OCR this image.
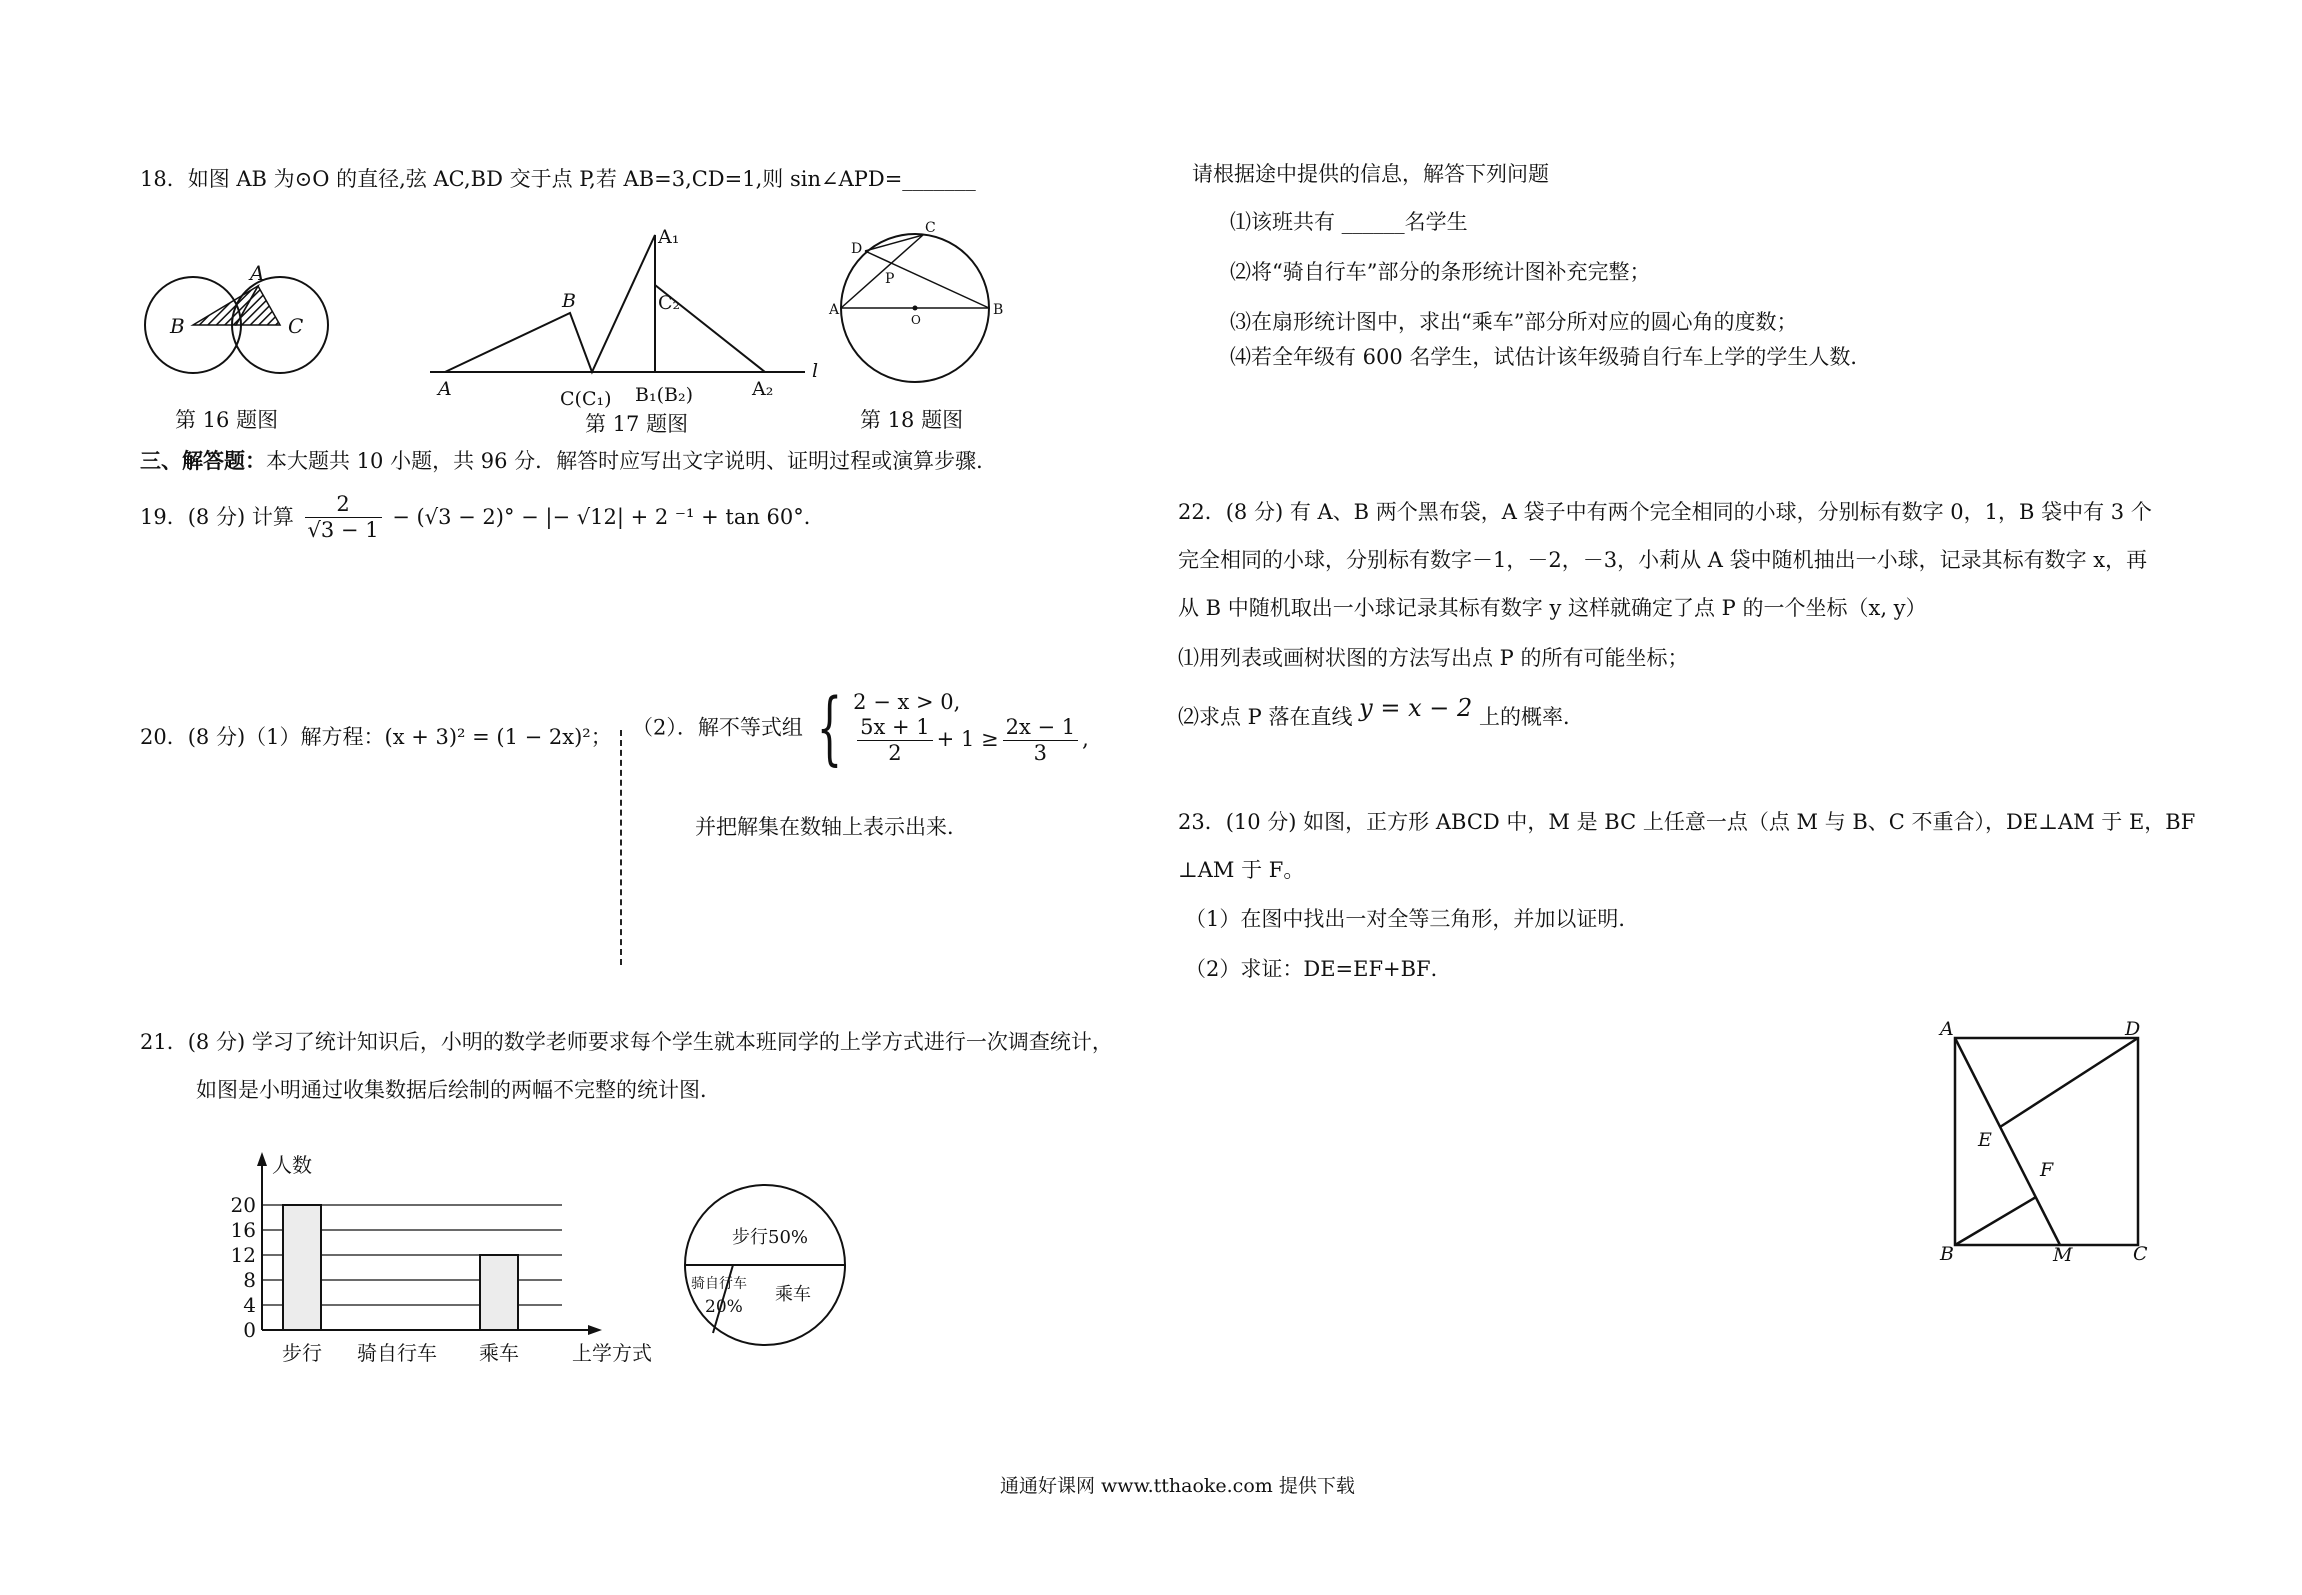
18．如图 AB 为⊙O 的直径,弦 AC,BD 交于点 P,若 AB=3,CD=1,则 sin∠APD=_______
A
B	C
第 16 题图
A
B
C(C₁)
A₁
C₂
B₁(B₂)	A₂
l
第 17 题图
D
C
P
A	B
O
第 18 题图
三、解答题：本大题共 10 小题，共 96 分．解答时应写出文字说明、证明过程或演算步骤．
19．(8 分) 计算 $\frac{2}{√3 - 1} - (√3 - 2)^\circ$ − |− √12| + 2 ⁻¹ + tan 60°．
20．(8 分)（1）解方程：(x + 3)² = (1 − 2x)²； （2）．解不等式组 { 2 − x > 0,
$\frac{5x + 1}{2} + 1 \ge \frac{2x - 1}{3}$ ,
并把解集在数轴上表示出来．
21．(8 分) 学习了统计知识后，小明的数学老师要求每个学生就本班同学的上学方式进行一次调查统计，
如图是小明通过收集数据后绘制的两幅不完整的统计图．
0
4
8
12
16
20
人数
上学方式
步行 骑自行车 乘车
步行50%
骑自行车
20%
乘车
请根据途中提供的信息，解答下列问题
⑴该班共有 ______名学生
⑵将“骑自行车”部分的条形统计图补充完整；
⑶在扇形统计图中，求出“乘车”部分所对应的圆心角的度数；
⑷若全年级有 600 名学生，试估计该年级骑自行车上学的学生人数．
22．(8 分) 有 A、B 两个黑布袋，A 袋子中有两个完全相同的小球，分别标有数字 0，1，B 袋中有 3 个
完全相同的小球，分别标有数字－1，－2，－3，小莉从 A 袋中随机抽出一小球，记录其标有数字 x，再
从 B 中随机取出一小球记录其标有数字 y 这样就确定了点 P 的一个坐标（x, y）
⑴用列表或画树状图的方法写出点 P 的所有可能坐标；
⑵求点 P 落在直线 y = x − 2 上的概率．
23．(10 分) 如图，正方形 ABCD 中，M 是 BC 上任意一点（点 M 与 B、C 不重合），DE⊥AM 于 E，BF
⊥AM 于 F。
（1）在图中找出一对全等三角形，并加以证明．
（2）求证：DE=EF+BF．
A	D
E
F
B	M	C
通通好课网 www.tthaoke.com 提供下载
